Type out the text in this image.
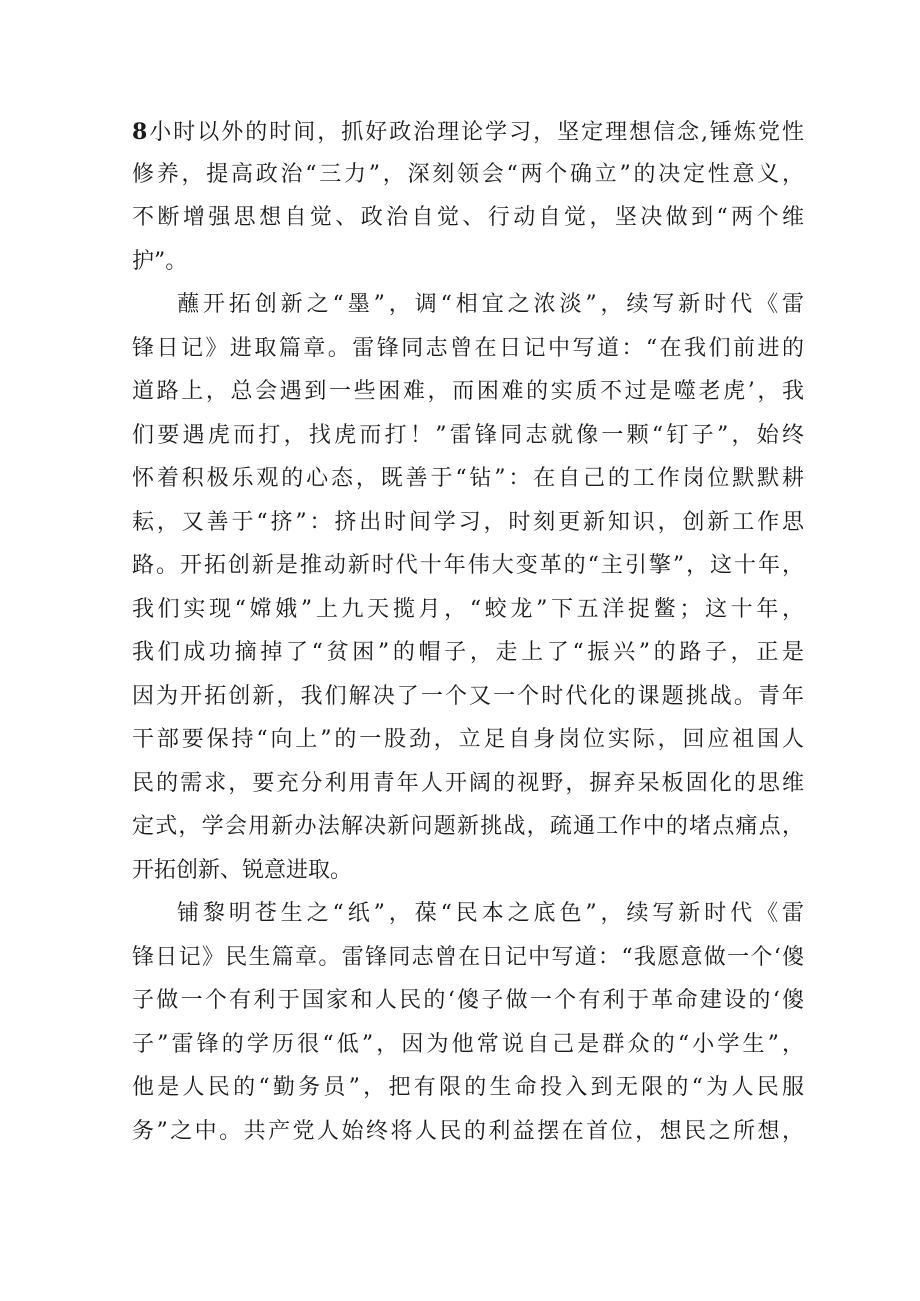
8小时以外的时间，抓好政治理论学习，坚定理想信念,锤炼党性

修养，提高政治“三力”，深刻领会“两个确立”的决定性意义，

不断增强思想自觉、政治自觉、行动自觉，坚决做到“两个维

护”。

蘸开拓创新之“墨”，调“相宜之浓淡”，续写新时代《雷

锋日记》进取篇章。雷锋同志曾在日记中写道：“在我们前进的

道路上，总会遇到一些困难，而困难的实质不过是噬老虎’，我

们要遇虎而打，找虎而打！”雷锋同志就像一颗“钉子”，始终

怀着积极乐观的心态，既善于“钻”：在自己的工作岗位默默耕

耘，又善于“挤”：挤出时间学习，时刻更新知识，创新工作思

路。开拓创新是推动新时代十年伟大变革的“主引擎”，这十年，

我们实现“嫦娥”上九天揽月，“蛟龙”下五洋捉鳖；这十年，

我们成功摘掉了“贫困”的帽子，走上了“振兴”的路子，正是

因为开拓创新，我们解决了一个又一个时代化的课题挑战。青年

干部要保持“向上”的一股劲，立足自身岗位实际，回应祖国人

民的需求，要充分利用青年人开阔的视野，摒弃呆板固化的思维

定式，学会用新办法解决新问题新挑战，疏通工作中的堵点痛点，

开拓创新、锐意进取。

铺黎明苍生之“纸”，葆“民本之底色”，续写新时代《雷

锋日记》民生篇章。雷锋同志曾在日记中写道：“我愿意做一个‘傻

子做一个有利于国家和人民的‘傻子做一个有利于革命建设的‘傻

子”雷锋的学历很“低”，因为他常说自己是群众的“小学生”，

他是人民的“勤务员”，把有限的生命投入到无限的“为人民服

务”之中。共产党人始终将人民的利益摆在首位，想民之所想，
